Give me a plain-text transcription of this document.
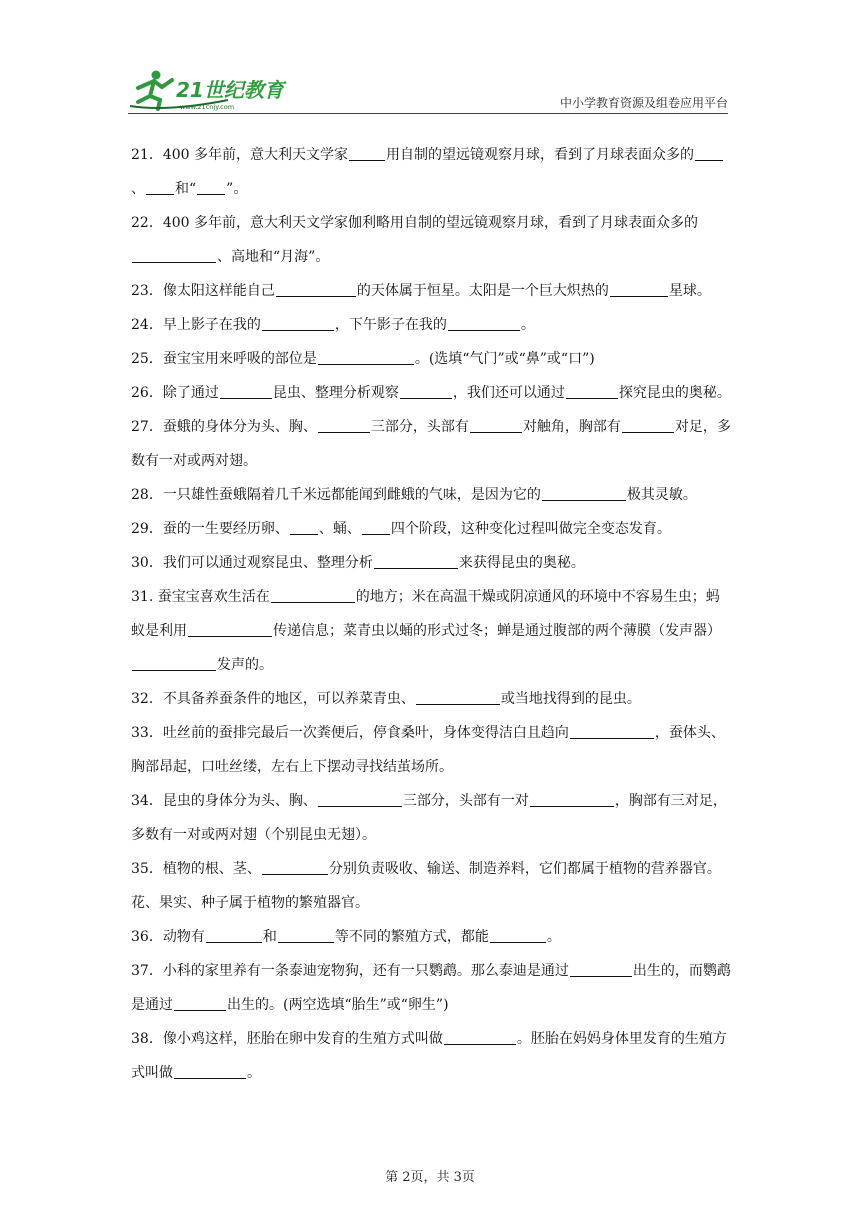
21世纪教育
www.21cnjy.com	中小学教育资源及组卷应用平台

21．400 多年前，意大利天文学家	用自制的望远镜观察月球，看到了月球表面众多的、 和“ ”。

22．400 多年前，意大利天文学家伽利略用自制的望远镜观察月球，看到了月球表面众多的、高地和“月海”。

23．像太阳这样能自己	的天体属于恒星。太阳是一个巨大炽热的	星球。

24．早上影子在我的	，下午影子在我的	。

25．蚕宝宝用来呼吸的部位是	。(选填“气门”或“鼻”或“口”)

26．除了通过	昆虫、整理分析观察	，我们还可以通过	探究昆虫的奥秘。

27．蚕蛾的身体分为头、胸、	三部分，头部有	对触角，胸部有	对足，多数有一对或两对翅。

28．一只雄性蚕蛾隔着几千米远都能闻到雌蛾的气味，是因为它的	极其灵敏。

29．蚕的一生要经历卵、 、蛹、 四个阶段，这种变化过程叫做完全变态发育。

30．我们可以通过观察昆虫、整理分析	来获得昆虫的奥秘。

31. 蚕宝宝喜欢生活在	的地方；米在高温干燥或阴凉通风的环境中不容易生虫；蚂蚁是利用	传递信息；菜青虫以蛹的形式过冬；蝉是通过腹部的两个薄膜（发声器）发声的。

32．不具备养蚕条件的地区，可以养菜青虫、	或当地找得到的昆虫。

33．吐丝前的蚕排完最后一次粪便后，停食桑叶，身体变得洁白且趋向	，蚕体头、胸部昂起，口吐丝缕，左右上下摆动寻找结茧场所。

34．昆虫的身体分为头、胸、	三部分，头部有一对	，胸部有三对足，多数有一对或两对翅（个别昆虫无翅）。

35．植物的根、茎、	分别负责吸收、输送、制造养料，它们都属于植物的营养器官。花、果实、种子属于植物的繁殖器官。

36．动物有	和	等不同的繁殖方式，都能	。

37．小科的家里养有一条泰迪宠物狗，还有一只鹦鹉。那么泰迪是通过	出生的，而鹦鹉是通过	出生的。(两空选填“胎生”或“卵生”)

38．像小鸡这样，胚胎在卵中发育的生殖方式叫做	。胚胎在妈妈身体里发育的生殖方式叫做	。

第 2页，共 3页
